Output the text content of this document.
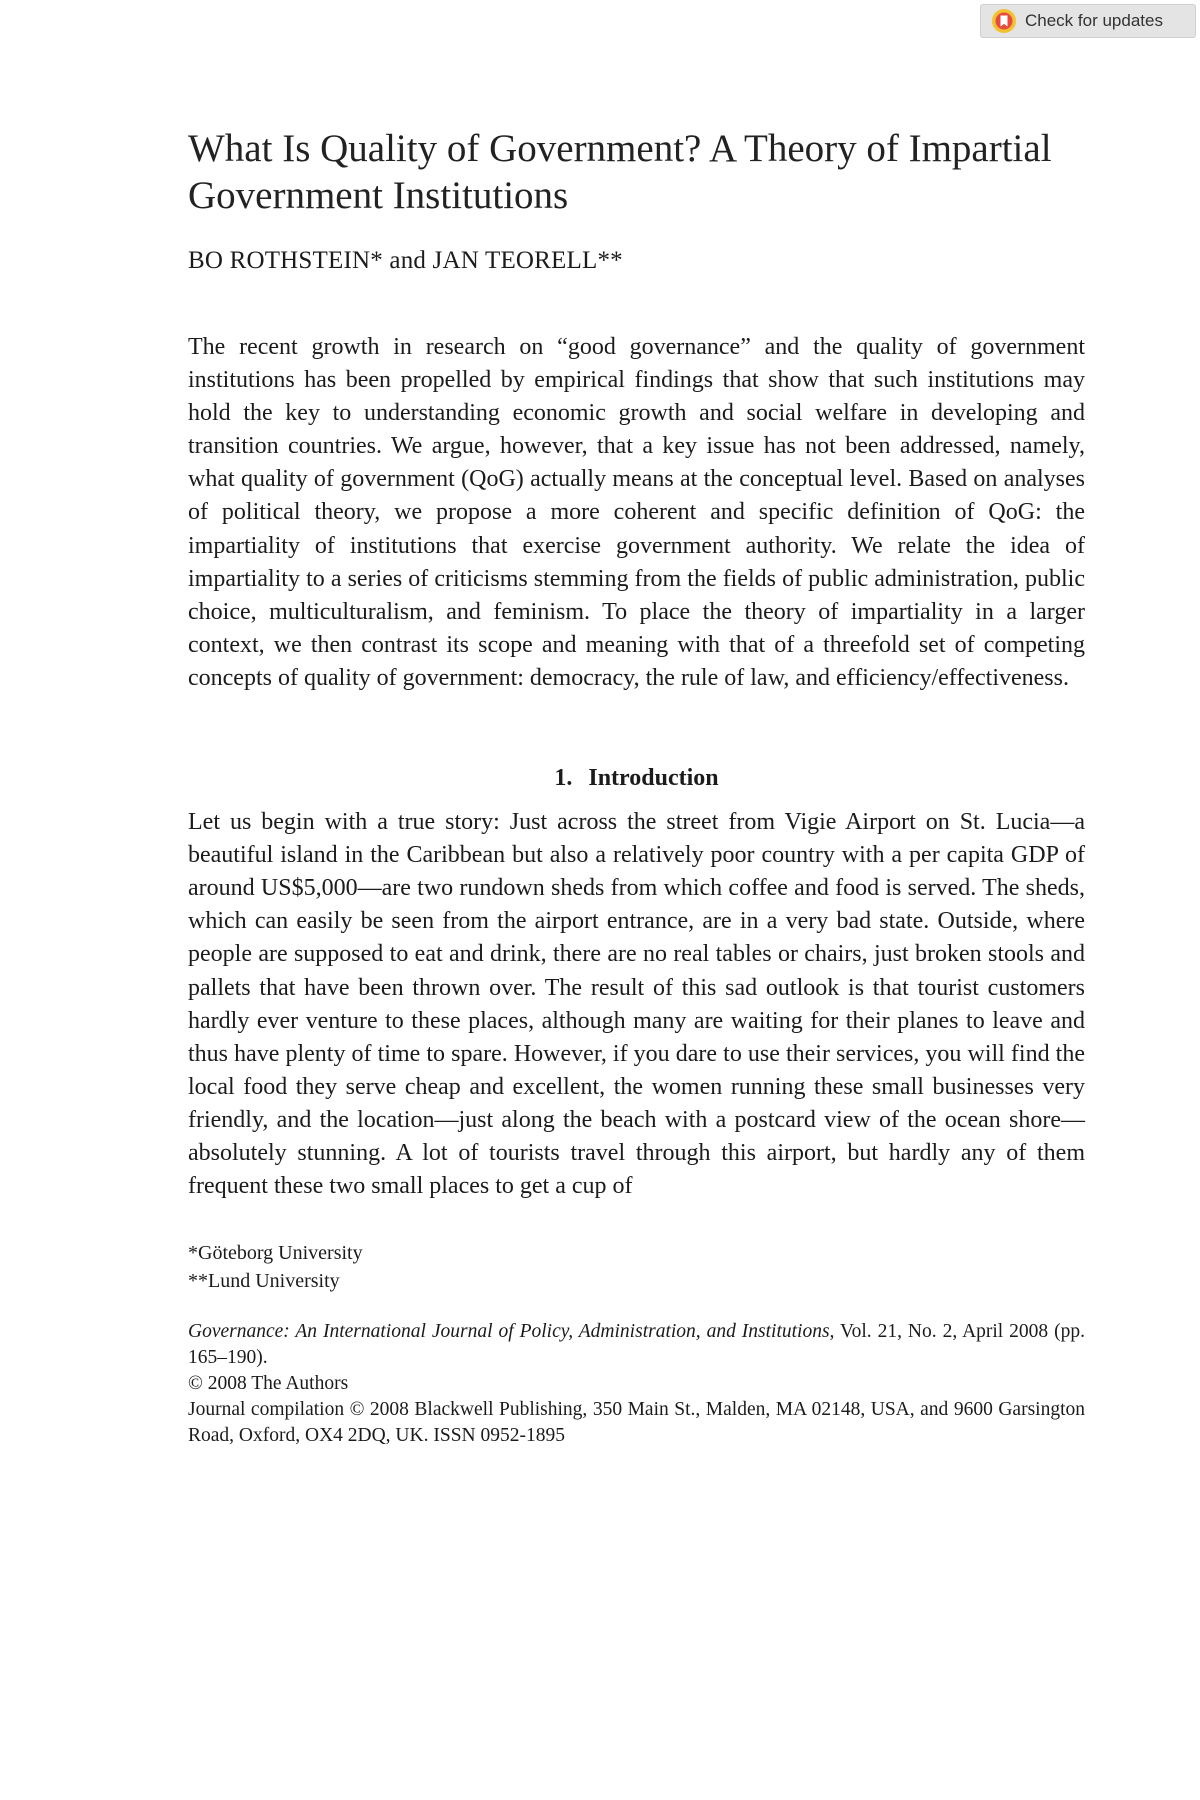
Check for updates
What Is Quality of Government? A Theory of Impartial Government Institutions
BO ROTHSTEIN* and JAN TEORELL**

The recent growth in research on “good governance” and the quality of government institutions has been propelled by empirical findings that show that such institutions may hold the key to understanding economic growth and social welfare in developing and transition countries. We argue, however, that a key issue has not been addressed, namely, what quality of government (QoG) actually means at the conceptual level. Based on analyses of political theory, we propose a more coherent and specific definition of QoG: the impartiality of institutions that exercise government authority. We relate the idea of impartiality to a series of criticisms stemming from the fields of public administration, public choice, multiculturalism, and feminism. To place the theory of impartiality in a larger context, we then contrast its scope and meaning with that of a threefold set of competing concepts of quality of government: democracy, the rule of law, and efficiency/effectiveness.

1. Introduction

Let us begin with a true story: Just across the street from Vigie Airport on St. Lucia—a beautiful island in the Caribbean but also a relatively poor country with a per capita GDP of around US$5,000—are two rundown sheds from which coffee and food is served. The sheds, which can easily be seen from the airport entrance, are in a very bad state. Outside, where people are supposed to eat and drink, there are no real tables or chairs, just broken stools and pallets that have been thrown over. The result of this sad outlook is that tourist customers hardly ever venture to these places, although many are waiting for their planes to leave and thus have plenty of time to spare. However, if you dare to use their services, you will find the local food they serve cheap and excellent, the women running these small businesses very friendly, and the location—just along the beach with a postcard view of the ocean shore—absolutely stunning. A lot of tourists travel through this airport, but hardly any of them frequent these two small places to get a cup of

*Göteborg University
**Lund University
Governance: An International Journal of Policy, Administration, and Institutions, Vol. 21, No. 2, April 2008 (pp. 165–190).
© 2008 The Authors
Journal compilation © 2008 Blackwell Publishing, 350 Main St., Malden, MA 02148, USA, and 9600 Garsington Road, Oxford, OX4 2DQ, UK. ISSN 0952-1895
